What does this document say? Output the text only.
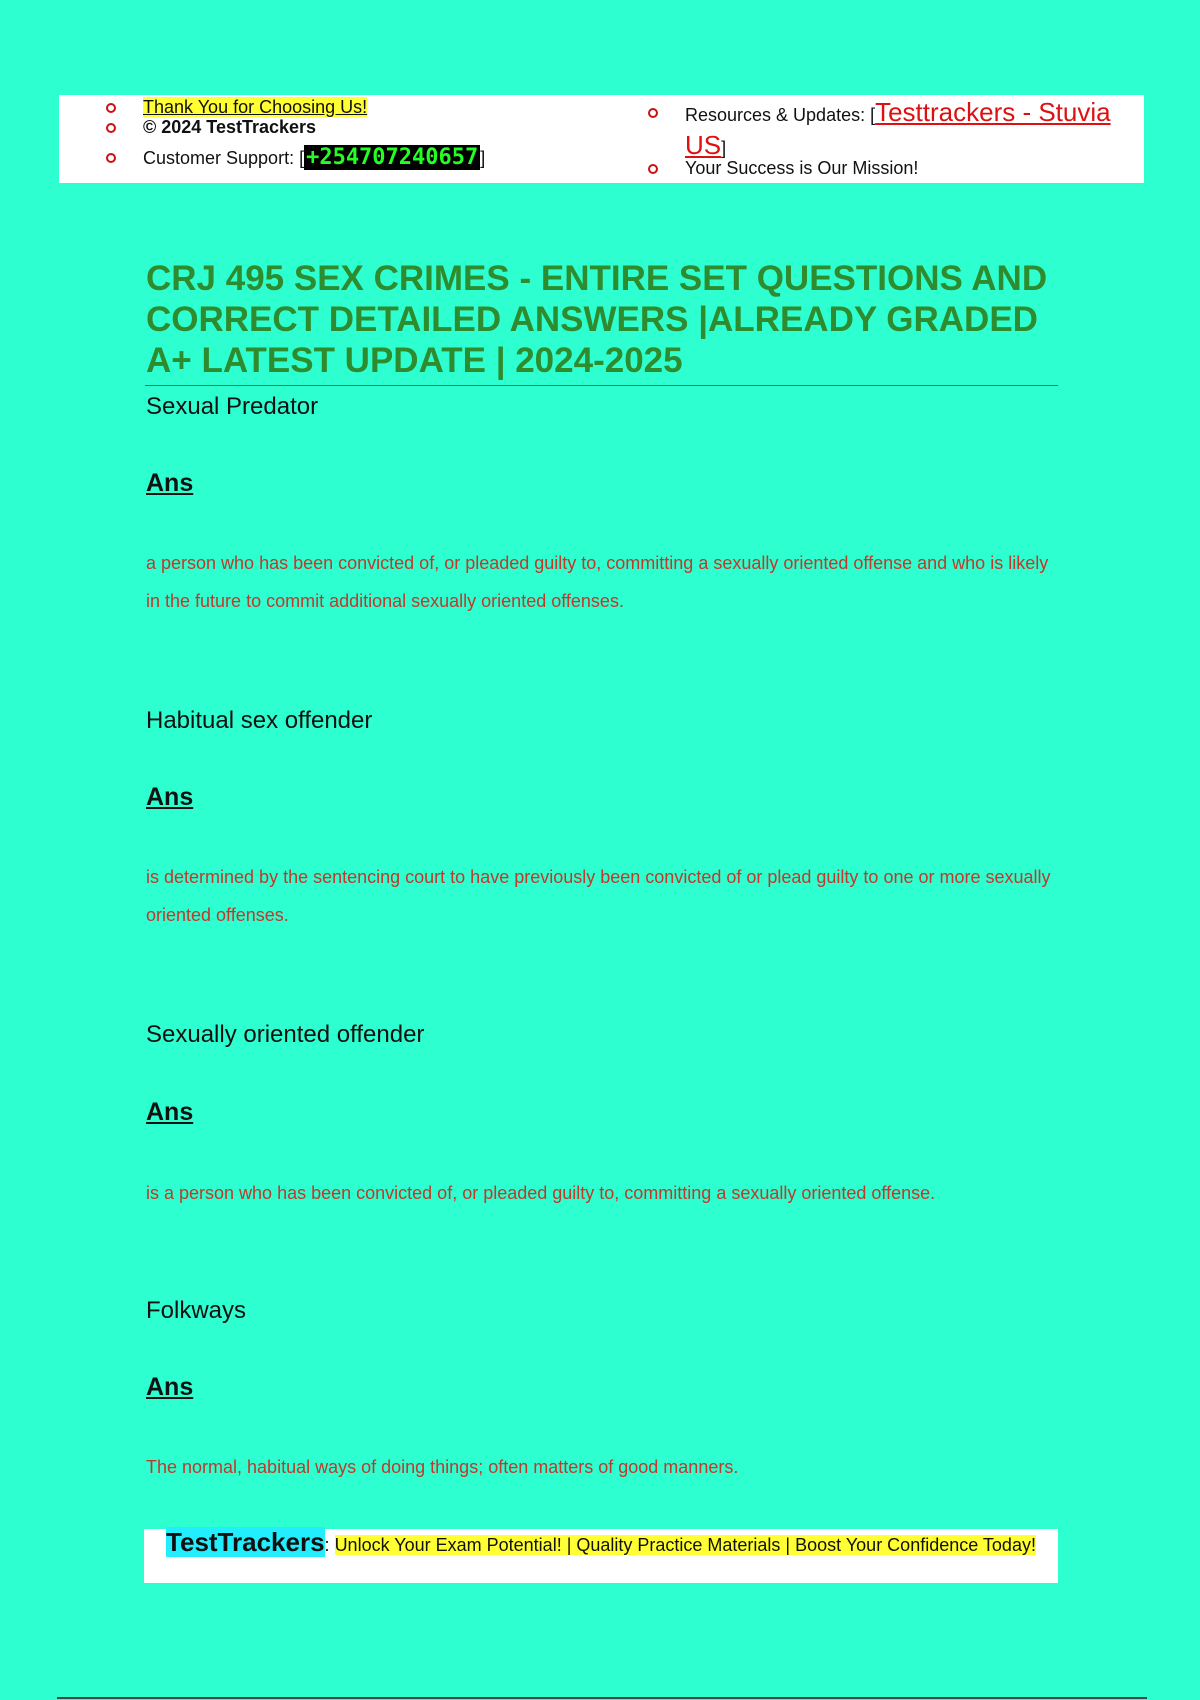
Thank You for Choosing Us!
© 2024 TestTrackers
Customer Support: [+254707240657 ]
Resources & Updates: [Testtrackers - Stuvia US]
Your Success is Our Mission!
CRJ 495 SEX CRIMES - ENTIRE SET QUESTIONS AND CORRECT DETAILED ANSWERS |ALREADY GRADED A+ LATEST UPDATE | 2024-2025
Sexual Predator
Ans
a person who has been convicted of, or pleaded guilty to, committing a sexually oriented offense and who is likely in the future to commit additional sexually oriented offenses.
Habitual sex offender
Ans
is determined by the sentencing court to have previously been convicted of or plead guilty to one or more sexually oriented offenses.
Sexually oriented offender
Ans
is a person who has been convicted of, or pleaded guilty to, committing a sexually oriented offense.
Folkways
Ans
The normal, habitual ways of doing things; often matters of good manners.
TestTrackers: Unlock Your Exam Potential! | Quality Practice Materials | Boost Your Confidence Today!
